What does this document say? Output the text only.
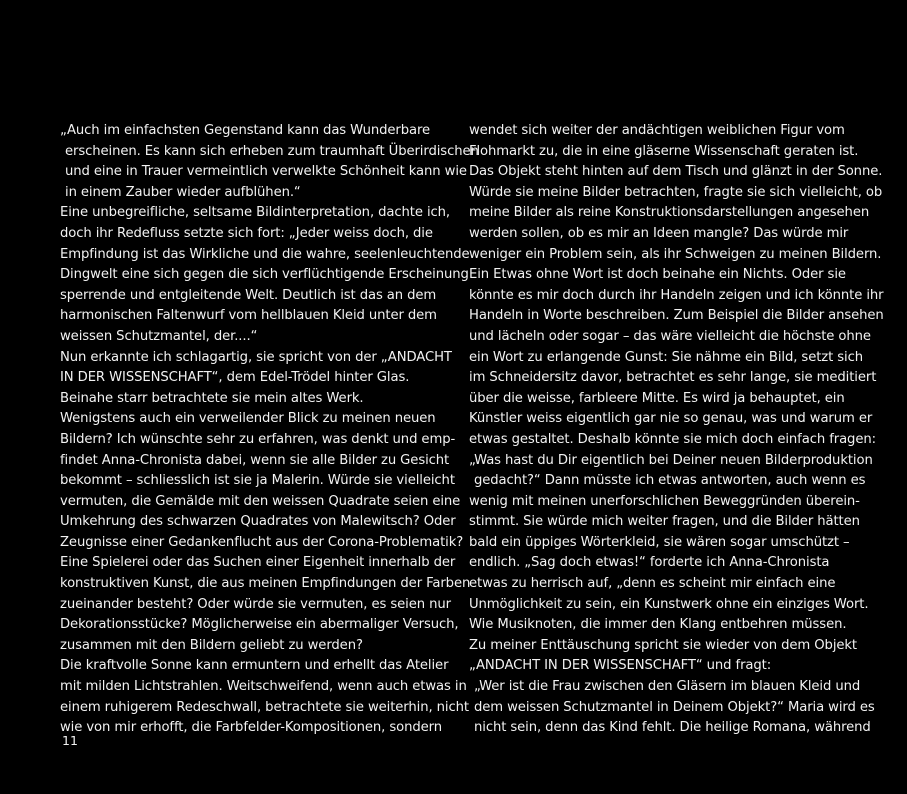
„Auch im einfachsten Gegenstand kann das Wunderbare
erscheinen. Es kann sich erheben zum traumhaft Überirdischen
und eine in Trauer vermeintlich verwelkte Schönheit kann wie
in einem Zauber wieder aufblühen.“
Eine unbegreifliche, seltsame Bildinterpretation, dachte ich,
doch ihr Redefluss setzte sich fort: „Jeder weiss doch, die
Empfindung ist das Wirkliche und die wahre, seelenleuchtende
Dingwelt eine sich gegen die sich verflüchtigende Erscheinung
sperrende und entgleitende Welt. Deutlich ist das an dem
harmonischen Faltenwurf vom hellblauen Kleid unter dem
weissen Schutzmantel, der....“
Nun erkannte ich schlagartig, sie spricht von der „ANDACHT
IN DER WISSENSCHAFT“, dem Edel-Trödel hinter Glas.
Beinahe starr betrachtete sie mein altes Werk.
Wenigstens auch ein verweilender Blick zu meinen neuen
Bildern? Ich wünschte sehr zu erfahren, was denkt und emp-
findet Anna-Chronista dabei, wenn sie alle Bilder zu Gesicht
bekommt – schliesslich ist sie ja Malerin. Würde sie vielleicht
vermuten, die Gemälde mit den weissen Quadrate seien eine
Umkehrung des schwarzen Quadrates von Malewitsch? Oder
Zeugnisse einer Gedankenflucht aus der Corona-Problematik?
Eine Spielerei oder das Suchen einer Eigenheit innerhalb der
konstruktiven Kunst, die aus meinen Empfindungen der Farben
zueinander besteht? Oder würde sie vermuten, es seien nur
Dekorationsstücke? Möglicherweise ein abermaliger Versuch,
zusammen mit den Bildern geliebt zu werden?
Die kraftvolle Sonne kann ermuntern und erhellt das Atelier
mit milden Lichtstrahlen. Weitschweifend, wenn auch etwas in
einem ruhigerem Redeschwall, betrachtete sie weiterhin, nicht
wie von mir erhofft, die Farbfelder-Kompositionen, sondern
wendet sich weiter der andächtigen weiblichen Figur vom
Flohmarkt zu, die in eine gläserne Wissenschaft geraten ist.
Das Objekt steht hinten auf dem Tisch und glänzt in der Sonne.
Würde sie meine Bilder betrachten, fragte sie sich vielleicht, ob
meine Bilder als reine Konstruktionsdarstellungen angesehen
werden sollen, ob es mir an Ideen mangle? Das würde mir
weniger ein Problem sein, als ihr Schweigen zu meinen Bildern.
Ein Etwas ohne Wort ist doch beinahe ein Nichts. Oder sie
könnte es mir doch durch ihr Handeln zeigen und ich könnte ihr
Handeln in Worte beschreiben. Zum Beispiel die Bilder ansehen
und lächeln oder sogar – das wäre vielleicht die höchste ohne
ein Wort zu erlangende Gunst: Sie nähme ein Bild, setzt sich
im Schneidersitz davor, betrachtet es sehr lange, sie meditiert
über die weisse, farbleere Mitte. Es wird ja behauptet, ein
Künstler weiss eigentlich gar nie so genau, was und warum er
etwas gestaltet. Deshalb könnte sie mich doch einfach fragen:
„Was hast du Dir eigentlich bei Deiner neuen Bilderproduktion
gedacht?“ Dann müsste ich etwas antworten, auch wenn es
wenig mit meinen unerforschlichen Beweggründen überein-
stimmt. Sie würde mich weiter fragen, und die Bilder hätten
bald ein üppiges Wörterkleid, sie wären sogar umschützt –
endlich. „Sag doch etwas!“ forderte ich Anna-Chronista
etwas zu herrisch auf, „denn es scheint mir einfach eine
Unmöglichkeit zu sein, ein Kunstwerk ohne ein einziges Wort.
Wie Musiknoten, die immer den Klang entbehren müssen.
Zu meiner Enttäuschung spricht sie wieder von dem Objekt
„ANDACHT IN DER WISSENSCHAFT“ und fragt:
„Wer ist die Frau zwischen den Gläsern im blauen Kleid und
dem weissen Schutzmantel in Deinem Objekt?“ Maria wird es
nicht sein, denn das Kind fehlt. Die heilige Romana, während
11
